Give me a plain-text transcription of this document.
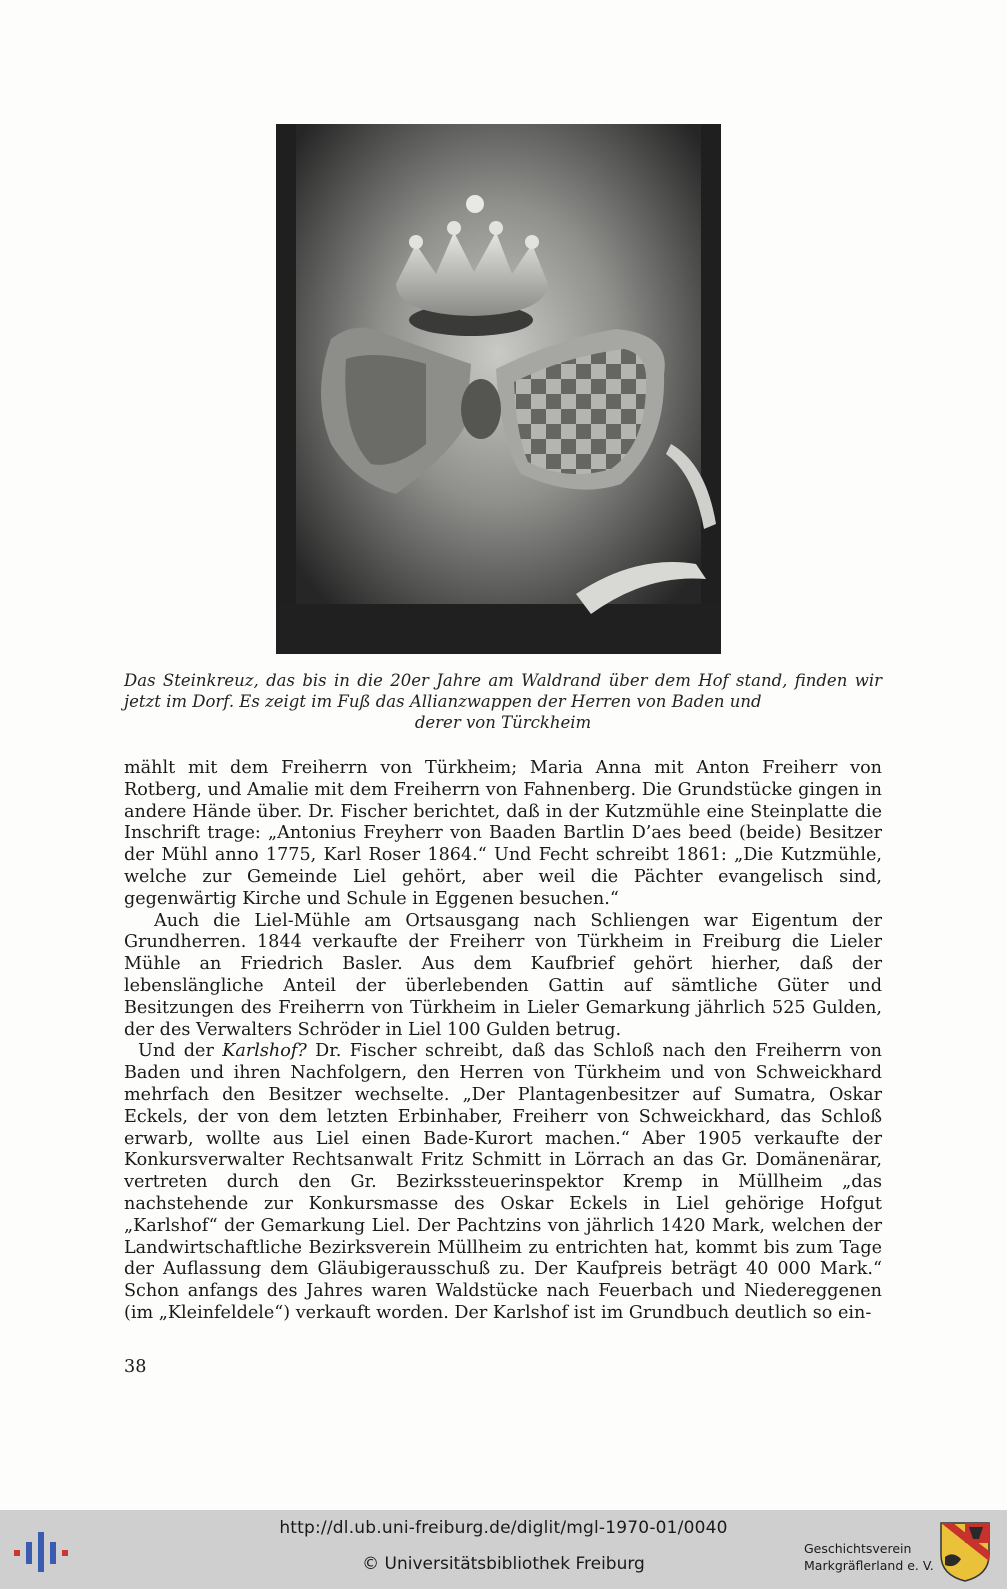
Das Steinkreuz, das bis in die 20er Jahre am Waldrand über dem Hof stand, finden wir jetzt im Dorf. Es zeigt im Fuß das Allianzwappen der Herren von Baden und
derer von Türckheim

mählt mit dem Freiherrn von Türkheim; Maria Anna mit Anton Freiherr von Rotberg, und Amalie mit dem Freiherrn von Fahnenberg. Die Grundstücke gingen in andere Hände über. Dr. Fischer berichtet, daß in der Kutzmühle eine Steinplatte die Inschrift trage: „Antonius Freyherr von Baaden Bartlin D’aes beed (beide) Besitzer der Mühl anno 1775, Karl Roser 1864.“ Und Fecht schreibt 1861: „Die Kutzmühle, welche zur Gemeinde Liel gehört, aber weil die Pächter evangelisch sind, gegenwärtig Kirche und Schule in Eggenen besuchen.“

Auch die Liel-Mühle am Ortsausgang nach Schliengen war Eigentum der Grundherren. 1844 verkaufte der Freiherr von Türkheim in Freiburg die Lieler Mühle an Friedrich Basler. Aus dem Kaufbrief gehört hierher, daß der lebenslängliche Anteil der überlebenden Gattin auf sämtliche Güter und Besitzungen des Freiherrn von Türkheim in Lieler Gemarkung jährlich 525 Gulden, der des Verwalters Schröder in Liel 100 Gulden betrug.

Und der Karlshof? Dr. Fischer schreibt, daß das Schloß nach den Freiherrn von Baden und ihren Nachfolgern, den Herren von Türkheim und von Schweickhard mehrfach den Besitzer wechselte. „Der Plantagenbesitzer auf Sumatra, Oskar Eckels, der von dem letzten Erbinhaber, Freiherr von Schweickhard, das Schloß erwarb, wollte aus Liel einen Bade-Kurort machen.“ Aber 1905 verkaufte der Konkursverwalter Rechtsanwalt Fritz Schmitt in Lörrach an das Gr. Domänenärar, vertreten durch den Gr. Bezirkssteuerinspektor Kremp in Müllheim „das nachstehende zur Konkursmasse des Oskar Eckels in Liel gehörige Hofgut „Karlshof“ der Gemarkung Liel. Der Pachtzins von jährlich 1420 Mark, welchen der Landwirtschaftliche Bezirksverein Müllheim zu entrichten hat, kommt bis zum Tage der Auflassung dem Gläubigerausschuß zu. Der Kaufpreis beträgt 40 000 Mark.“ Schon anfangs des Jahres waren Waldstücke nach Feuerbach und Niedereggenen (im „Kleinfeldele“) verkauft worden. Der Karlshof ist im Grundbuch deutlich so ein-

38
http://dl.ub.uni-freiburg.de/diglit/mgl-1970-01/0040
© Universitätsbibliothek Freiburg
Geschichtsverein
Markgräflerland e. V.
